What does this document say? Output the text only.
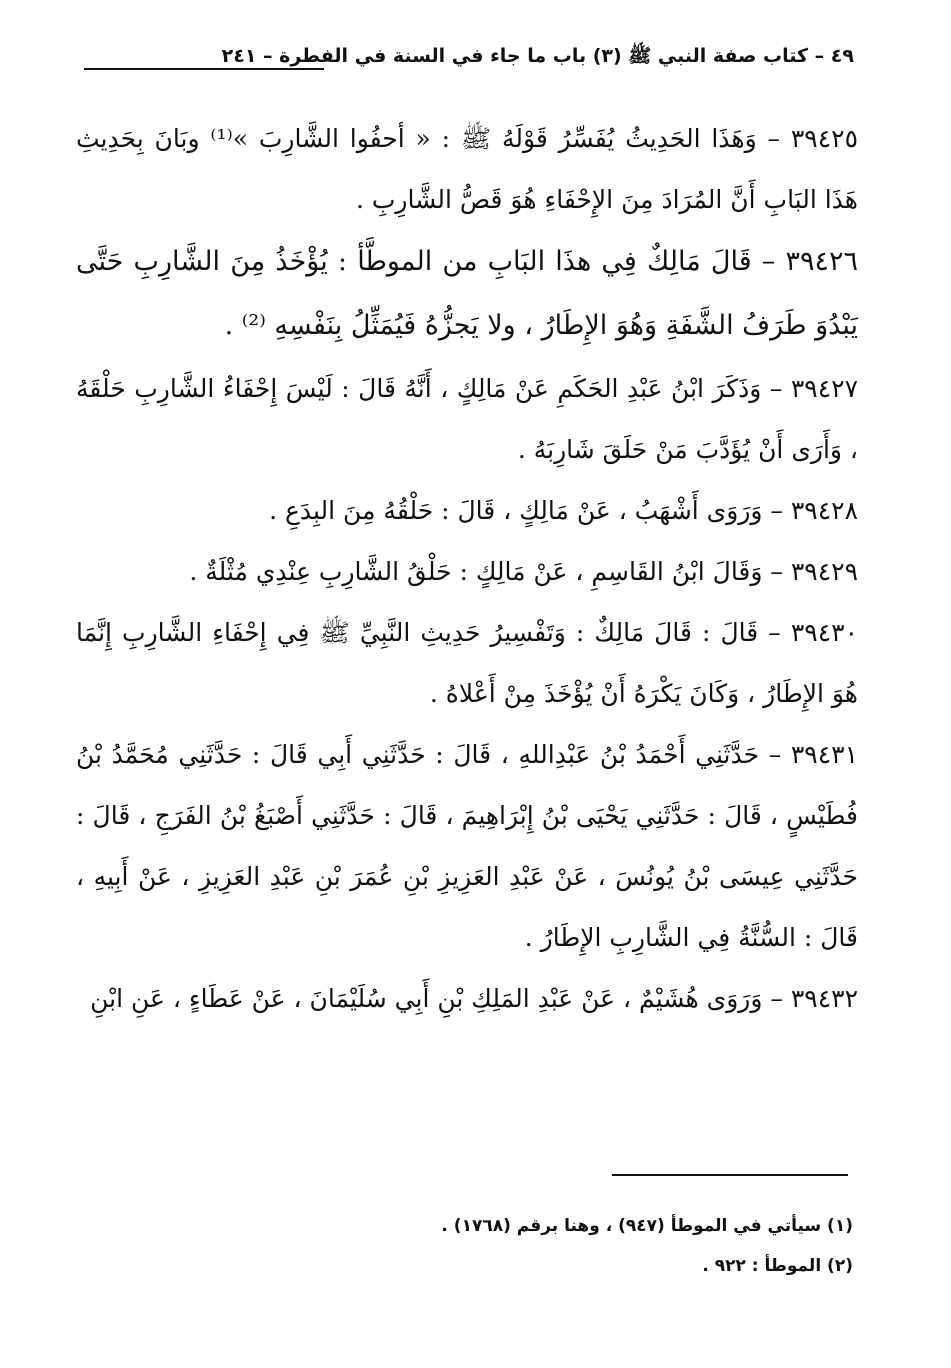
٤٩ – كتاب صفة النبي ﷺ (٣) باب ما جاء في السنة في الفطرة – ٢٤١

٣٩٤٢٥ – وَهَذَا الحَدِيثُ يُفَسِّرُ قَوْلَهُ ﷺ : « أحفُوا الشَّارِبَ »⁽¹⁾ وبَانَ بِحَدِيثِ هَذَا البَابِ أَنَّ المُرَادَ مِنَ الإِحْفَاءِ هُوَ قَصُّ الشَّارِبِ .

٣٩٤٢٦ – قَالَ مَالِكٌ فِي هذَا البَابِ من الموطَّأ : يُؤْخَذُ مِنَ الشَّارِبِ حَتَّى يَبْدُوَ طَرَفُ الشَّفَةِ وَهُوَ الإِطَارُ ، ولا يَجزُّهُ فَيُمَثِّلُ بِنَفْسِهِ ⁽²⁾ .

٣٩٤٢٧ – وَذَكَرَ ابْنُ عَبْدِ الحَكَمِ عَنْ مَالِكٍ ، أَنَّهُ قَالَ : لَيْسَ إِحْفَاءُ الشَّارِبِ حَلْقَهُ ، وَأَرَى أَنْ يُؤَدَّبَ مَنْ حَلَقَ شَارِبَهُ .

٣٩٤٢٨ – وَرَوَى أَشْهَبُ ، عَنْ مَالِكٍ ، قَالَ : حَلْقُهُ مِنَ البِدَعِ .

٣٩٤٢٩ – وَقَالَ ابْنُ القَاسِمِ ، عَنْ مَالِكٍ : حَلْقُ الشَّارِبِ عِنْدِي مُثْلَةٌ .

٣٩٤٣٠ – قَالَ : قَالَ مَالِكٌ : وَتَفْسِيرُ حَدِيثِ النَّبِيِّ ﷺ فِي إِحْفَاءِ الشَّارِبِ إِنَّمَا هُوَ الإِطَارُ ، وَكَانَ يَكْرَهُ أَنْ يُؤْخَذَ مِنْ أَعْلاهُ .

٣٩٤٣١ – حَدَّثَنِي أَحْمَدُ بْنُ عَبْدِاللهِ ، قَالَ : حَدَّثَنِي أَبِي قَالَ : حَدَّثَنِي مُحَمَّدُ بْنُ فُطَيْسٍ ، قَالَ : حَدَّثَنِي يَحْيَى بْنُ إِبْرَاهِيمَ ، قَالَ : حَدَّثَنِي أَصْبَغُ بْنُ الفَرَجِ ، قَالَ : حَدَّثَنِي عِيسَى بْنُ يُونُسَ ، عَنْ عَبْدِ العَزِيزِ بْنِ عُمَرَ بْنِ عَبْدِ العَزِيزِ ، عَنْ أَبِيهِ ، قَالَ : السُّنَّةُ فِي الشَّارِبِ الإِطَارُ .

٣٩٤٣٢ – وَرَوَى هُشَيْمٌ ، عَنْ عَبْدِ المَلِكِ بْنِ أَبِي سُلَيْمَانَ ، عَنْ عَطَاءٍ ، عَنِ ابْنِ

(١) سيأتي في الموطأ (٩٤٧) ، وهنا برقم (١٧٦٨) .

(٢) الموطأ : ٩٢٢ .
